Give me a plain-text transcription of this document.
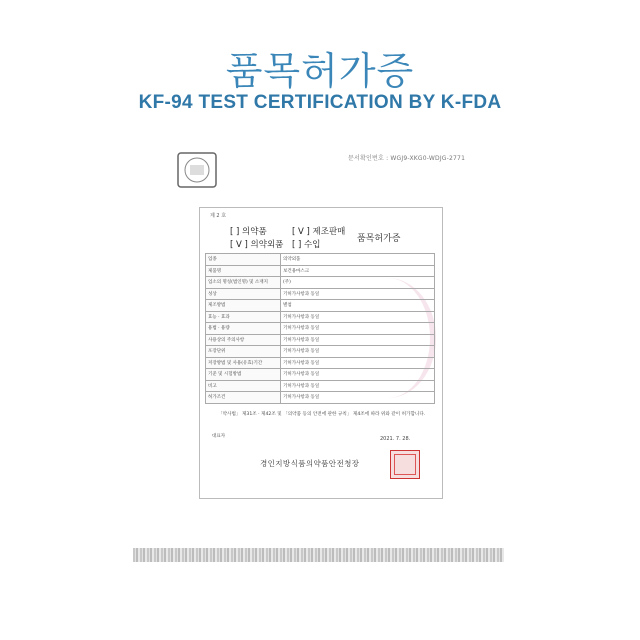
품목허가증
KF-94 TEST CERTIFICATION BY K-FDA
문서확인번호 : WGJ9-XKG0-WDJG-2771
제 2 호
[ ] 의약품	[ V ] 제조판매
[ V ] 의약외품 [ ] 수입
품목허가증
업종	의약외품
제품명	보건용마스크
업소의 명칭(법인명) 및 소재지	(주)
성상	기허가사항과 동일
제조방법	별첨
효능 · 효과	기허가사항과 동일
용법 · 용량	기허가사항과 동일
사용상의 주의사항	기허가사항과 동일
포장단위	기허가사항과 동일
저장방법 및 사용(유효)기간	기허가사항과 동일
기준 및 시험방법	기허가사항과 동일
비고	기허가사항과 동일
허가조건	기허가사항과 동일
「약사법」 제31조 · 제42조 및 「의약품 등의 안전에 관한 규칙」 제4조에 따라 위와 같이 허가합니다.
대표자	2021. 7. 28.
경인지방식품의약품안전청장
